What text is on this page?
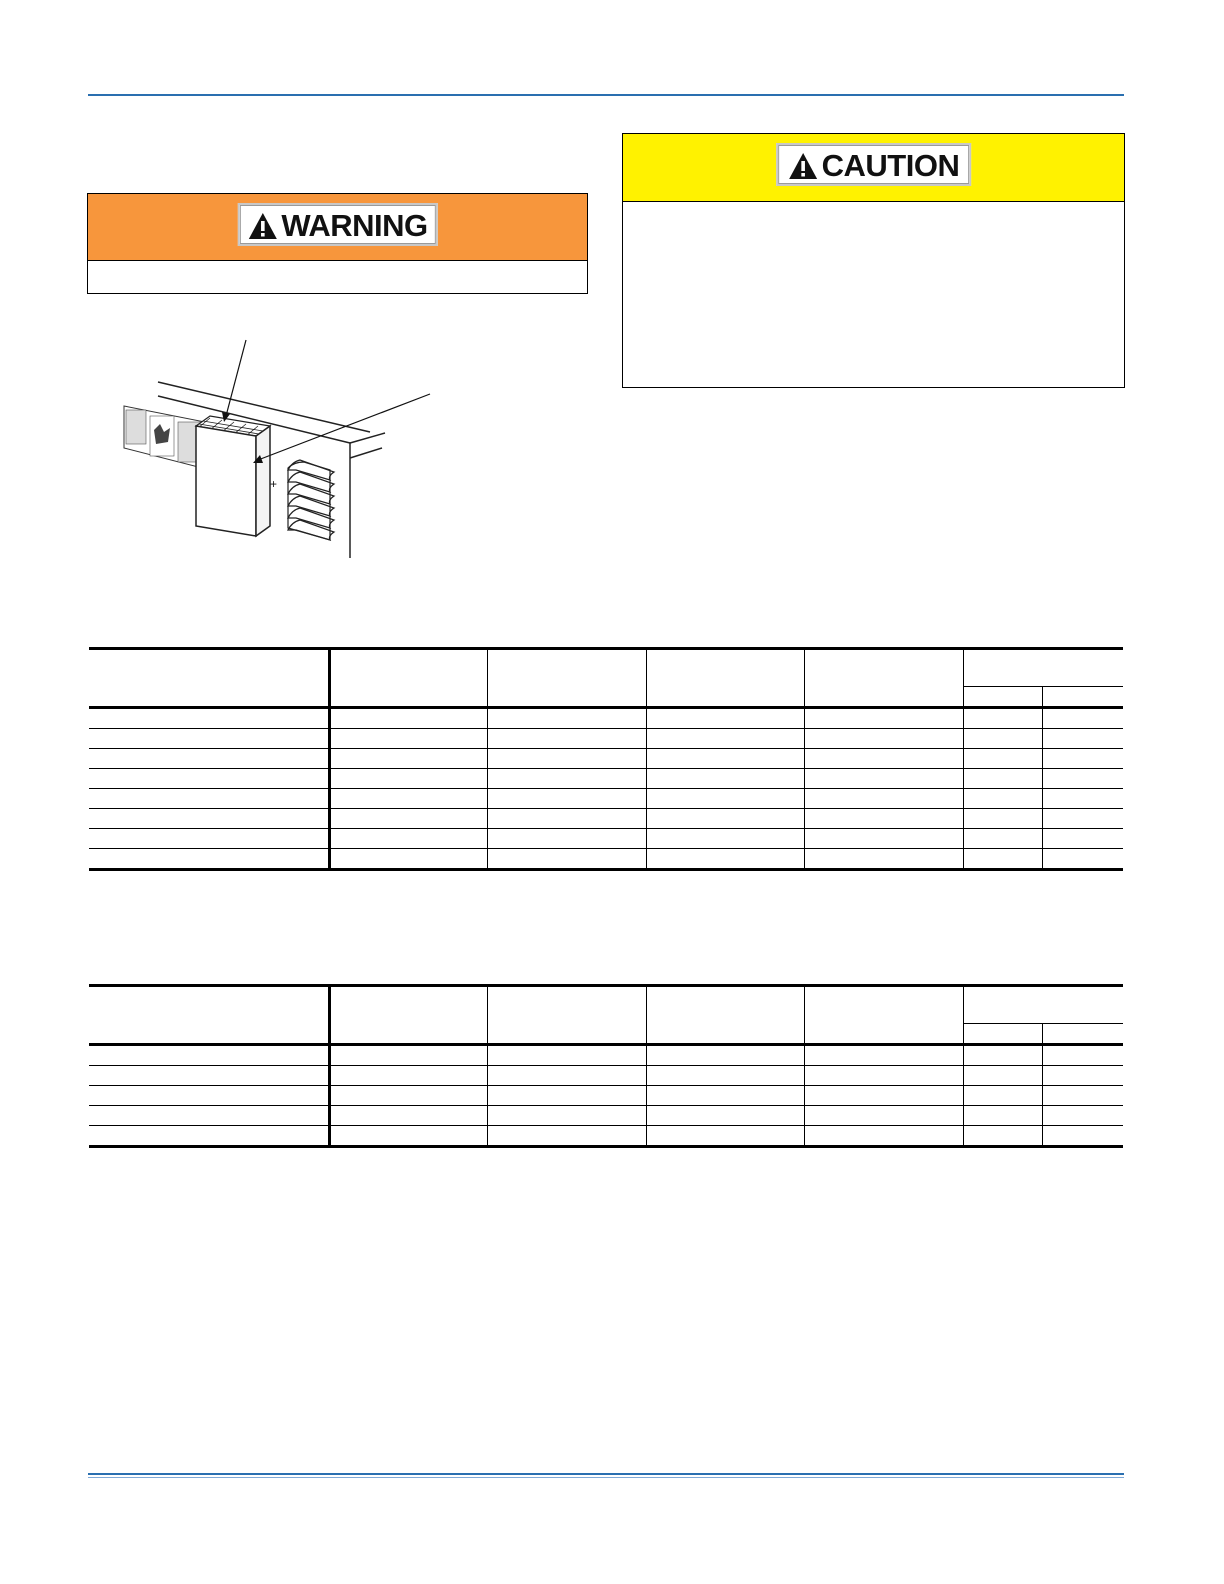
WARNING
CAUTION
+
